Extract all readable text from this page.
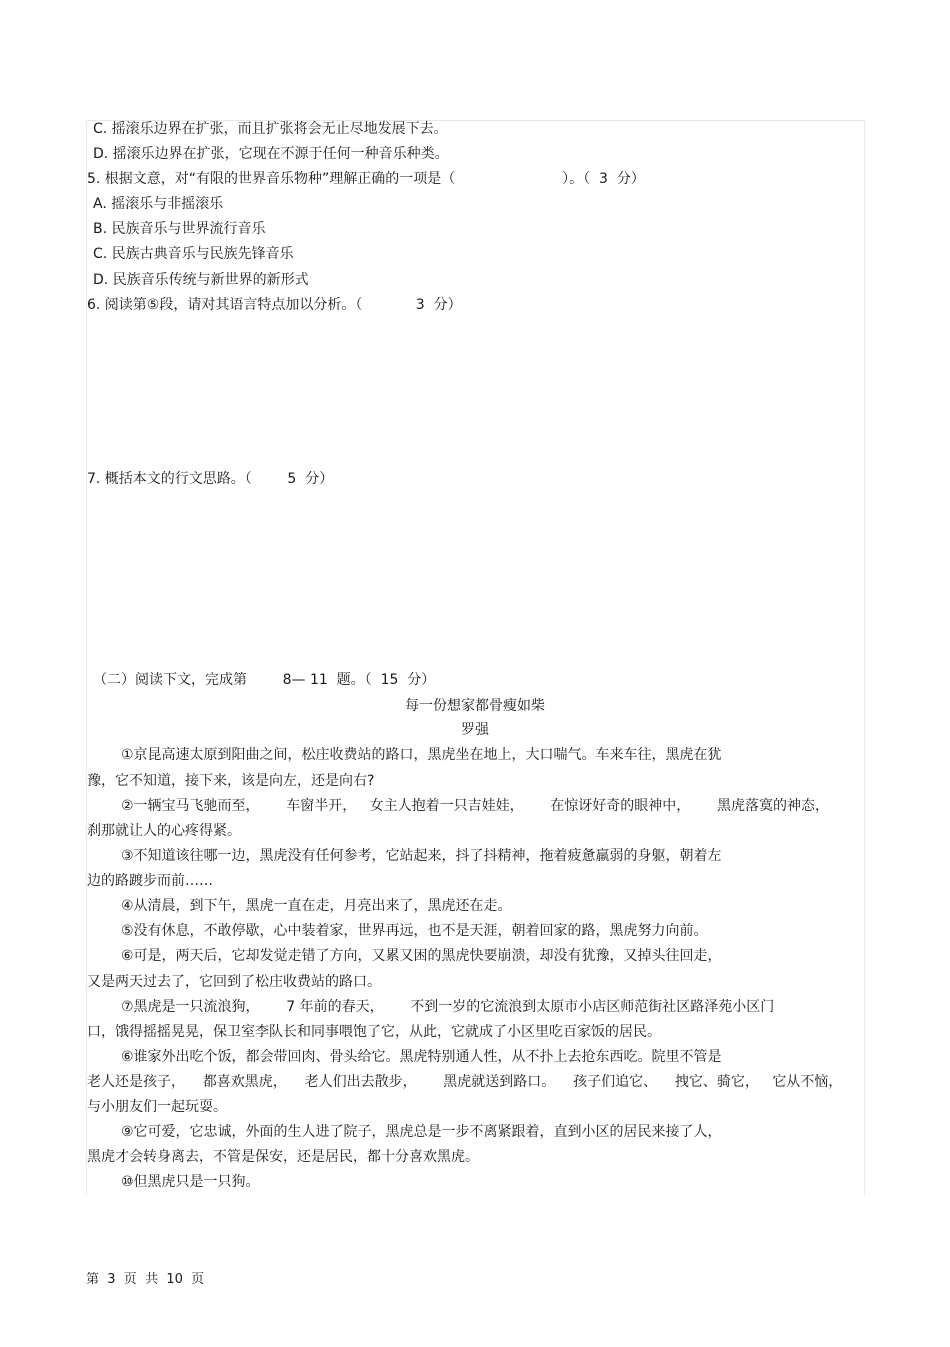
C. 摇滚乐边界在扩张，而且扩张将会无止尽地发展下去。
D. 摇滚乐边界在扩张，它现在不源于任何一种音乐种类。
5. 根据文意，对“有限的世界音乐物种”理解正确的一项是（                        ）。（  3  分）
A. 摇滚乐与非摇滚乐
B. 民族音乐与世界流行音乐
C. 民族古典音乐与民族先锋音乐
D. 民族音乐传统与新世界的新形式
6. 阅读第⑤段，请对其语言特点加以分析。（            3  分）
7. 概括本文的行文思路。（        5  分）
（二）阅读下文，完成第        8— 11  题。（  15  分）
每一份想家都骨瘦如柴
罗强
①京昆高速太原到阳曲之间，松庄收费站的路口，黑虎坐在地上，大口喘气。车来车往，黑虎在犹
豫，它不知道，接下来，该是向左，还是向右?
②一辆宝马飞驰而至，      车窗半开，   女主人抱着一只吉娃娃，      在惊讶好奇的眼神中，      黑虎落寞的神态，
刹那就让人的心疼得紧。
③不知道该往哪一边，黑虎没有任何参考，它站起来，抖了抖精神，拖着疲惫羸弱的身躯，朝着左
边的路踱步而前……
④从清晨，到下午，黑虎一直在走，月亮出来了，黑虎还在走。
⑤没有休息，不敢停歇，心中装着家，世界再远，也不是天涯，朝着回家的路，黑虎努力向前。
⑥可是，两天后，它却发觉走错了方向，又累又困的黑虎快要崩溃，却没有犹豫，又掉头往回走，
又是两天过去了，它回到了松庄收费站的路口。
⑦黑虎是一只流浪狗，      7 年前的春天，      不到一岁的它流浪到太原市小店区师范街社区路泽苑小区门
口，饿得摇摇晃晃，保卫室李队长和同事喂饱了它，从此，它就成了小区里吃百家饭的居民。
⑥谁家外出吃个饭，都会带回肉、骨头给它。黑虎特别通人性，从不扑上去抢东西吃。院里不管是
老人还是孩子，    都喜欢黑虎，    老人们出去散步，      黑虎就送到路口。    孩子们追它、    拽它、骑它，   它从不恼，
与小朋友们一起玩耍。
⑨它可爱，它忠诚，外面的生人进了院子，黑虎总是一步不离紧跟着，直到小区的居民来接了人，
黑虎才会转身离去，不管是保安，还是居民，都十分喜欢黑虎。
⑩但黑虎只是一只狗。
第  3  页  共  10  页
